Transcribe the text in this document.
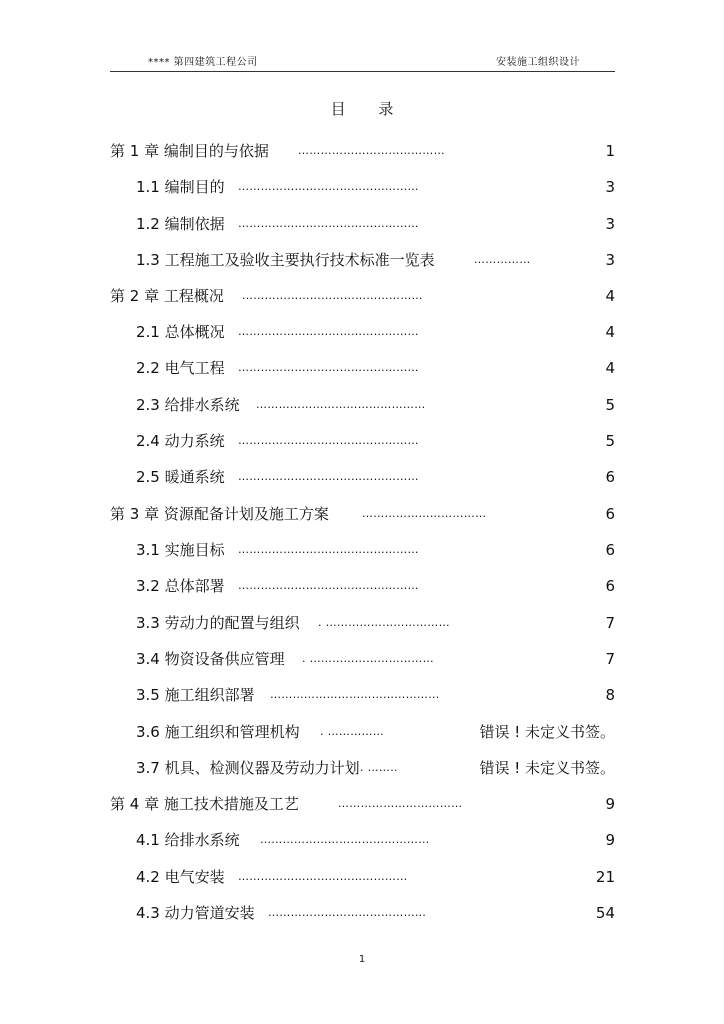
**** 第四建筑工程公司	安装施工组织设计
目 录
第 1 章 编制目的与依据	…………………………………	1
1.1 编制目的 …………………………………………	3
1.2 编制依据 …………………………………………	3
1.3 工程施工及验收主要执行技术标准一览表	……………	3
第 2 章 工程概况 …………………………………………	4
2.1 总体概况 …………………………………………	4
2.2 电气工程 …………………………………………	4
2.3 给排水系统 ………………………………………	5
2.4 动力系统 …………………………………………	5
2.5 暖通系统 …………………………………………	6
第 3 章 资源配备计划及施工方案	……………………………	6
3.1 实施目标 …………………………………………	6
3.2 总体部署 …………………………………………	6
3.3 劳动力的配置与组织 . ……………………………	7
3.4 物资设备供应管理 . ……………………………	7
3.5 施工组织部署 ………………………………………	8
3.6 施工组织和管理机构 . ……………	错误 ! 未定义书签。
3.7 机具、检测仪器及劳动力计划 . ……..	错误 ! 未定义书签。
第 4 章 施工技术措施及工艺	……………………………	9
4.1 给排水系统 ………………………………………	9
4.2 电气安装 ………………………………………	21
4.3 动力管道安装 ……………………………………	54
1
